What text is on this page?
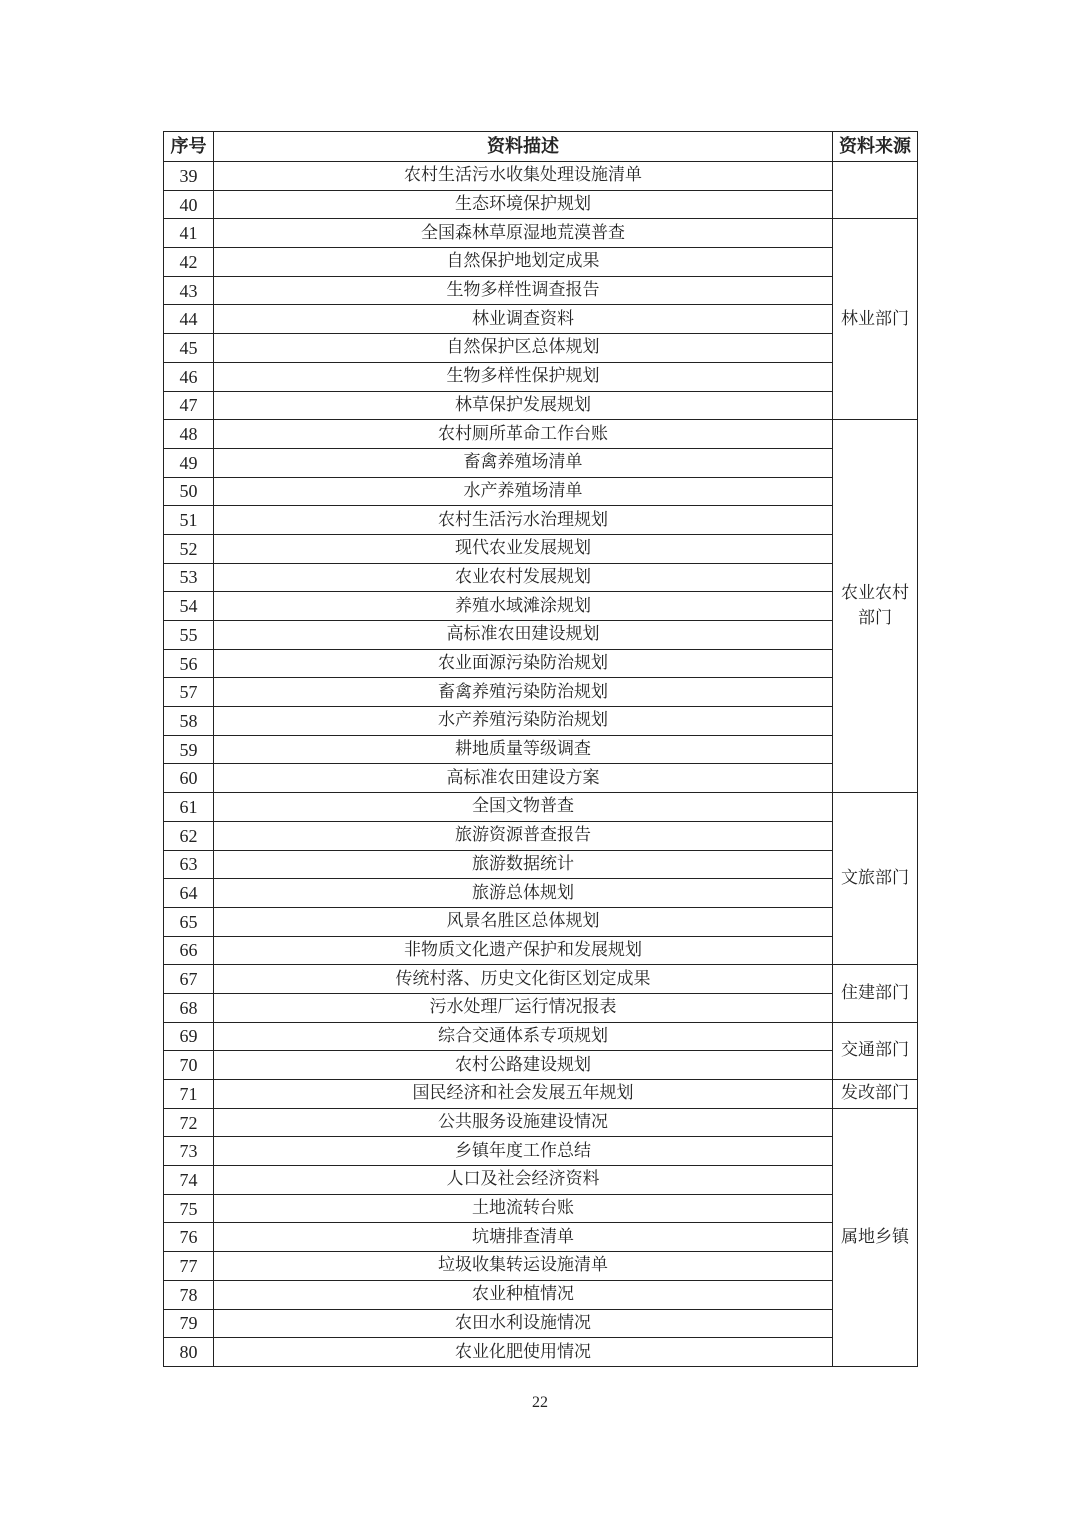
序号	资料描述	资料来源
39	农村生活污水收集处理设施清单	
40	生态环境保护规划	
41	全国森林草原湿地荒漠普查	林业部门
42	自然保护地划定成果	
43	生物多样性调查报告	
44	林业调查资料	
45	自然保护区总体规划	
46	生物多样性保护规划	
47	林草保护发展规划	
48	农村厕所革命工作台账	农业农村部门
49	畜禽养殖场清单	
50	水产养殖场清单	
51	农村生活污水治理规划	
52	现代农业发展规划	
53	农业农村发展规划	
54	养殖水域滩涂规划	
55	高标准农田建设规划	
56	农业面源污染防治规划	
57	畜禽养殖污染防治规划	
58	水产养殖污染防治规划	
59	耕地质量等级调查	
60	高标准农田建设方案	
61	全国文物普查	文旅部门
62	旅游资源普查报告	
63	旅游数据统计	
64	旅游总体规划	
65	风景名胜区总体规划	
66	非物质文化遗产保护和发展规划	
67	传统村落、历史文化街区划定成果	住建部门
68	污水处理厂运行情况报表	
69	综合交通体系专项规划	交通部门
70	农村公路建设规划	
71	国民经济和社会发展五年规划	发改部门
72	公共服务设施建设情况	属地乡镇
73	乡镇年度工作总结	
74	人口及社会经济资料	
75	土地流转台账	
76	坑塘排查清单	
77	垃圾收集转运设施清单	
78	农业种植情况	
79	农田水利设施情况	
80	农业化肥使用情况	
22
